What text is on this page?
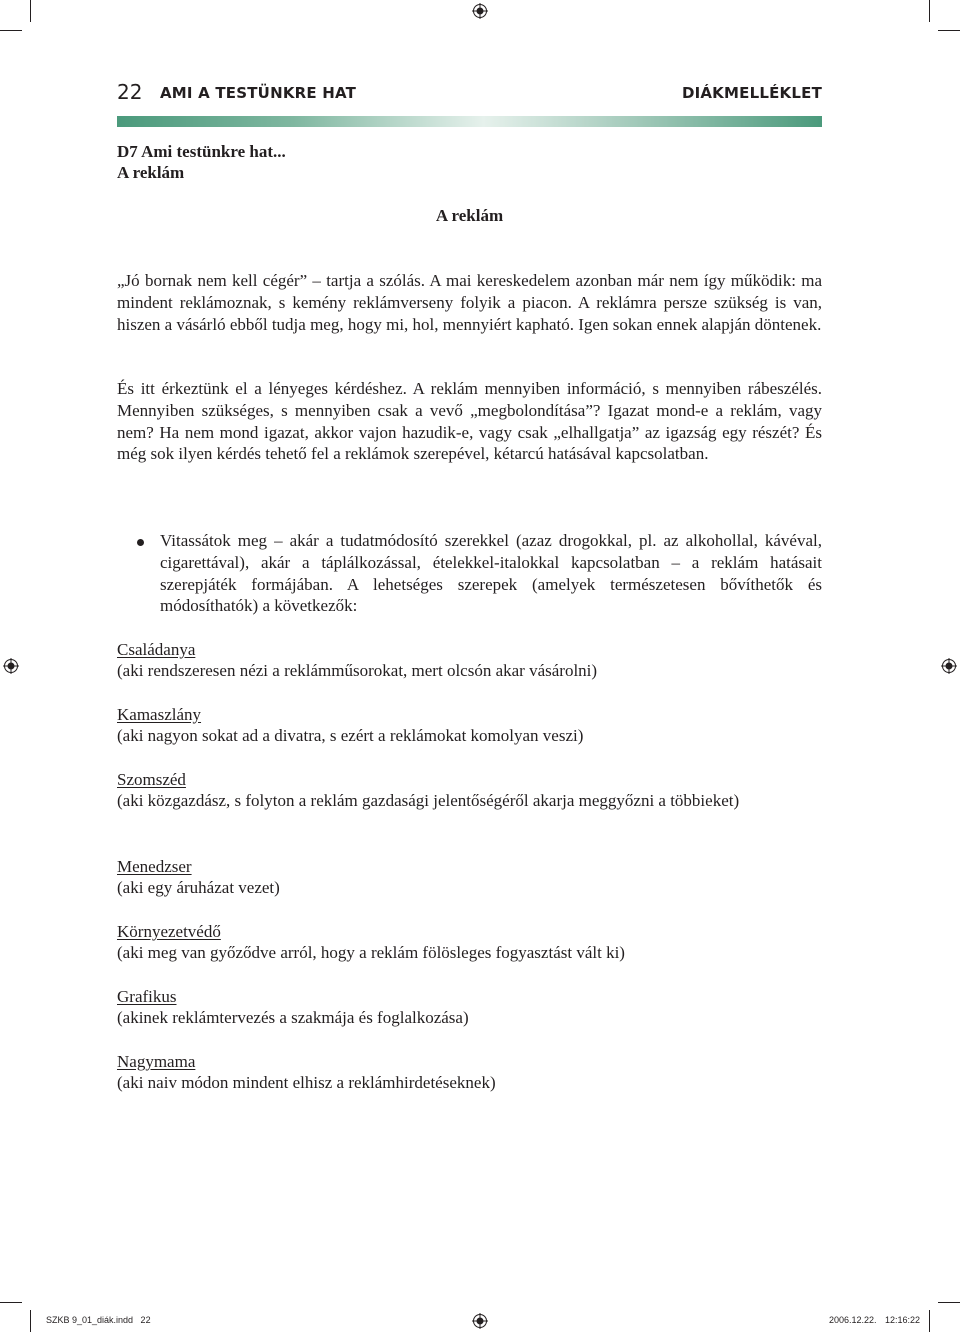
22 AMI A TESTÜNKRE HAT	DIÁKMELLÉKLET
D7 Ami testünkre hat...
A reklám
A reklám
„Jó bornak nem kell cégér” – tartja a szólás. A mai kereskedelem azonban már nem így működik: ma mindent reklámoznak, s kemény reklámverseny folyik a piacon. A reklámra persze szükség is van, hiszen a vásárló ebből tudja meg, hogy mi, hol, mennyiért kapható. Igen sokan ennek alapján döntenek.
És itt érkeztünk el a lényeges kérdéshez. A reklám mennyiben információ, s mennyiben rábeszélés. Mennyiben szükséges, s mennyiben csak a vevő „megbolondítása”? Igazat mond-e a reklám, vagy nem? Ha nem mond igazat, akkor vajon hazudik-e, vagy csak „elhallgatja” az igazság egy részét? És még sok ilyen kérdés tehető fel a reklámok szerepével, kétarcú hatásával kapcsolatban.
Vitassátok meg – akár a tudatmódosító szerekkel (azaz drogokkal, pl. az alkohollal, kávéval, cigarettával), akár a táplálkozással, ételekkel-italokkal kapcsolatban – a reklám hatásait szerepjáték formájában. A lehetséges szerepek (amelyek természetesen bővíthetők és módosíthatók) a következők:
Családanya
(aki rendszeresen nézi a reklámműsorokat, mert olcsón akar vásárolni)
Kamaszlány
(aki nagyon sokat ad a divatra, s ezért a reklámokat komolyan veszi)
Szomszéd
(aki közgazdász, s folyton a reklám gazdasági jelentőségéről akarja meggyőzni a többieket)
Menedzser
(aki egy áruházat vezet)
Környezetvédő
(aki meg van győződve arról, hogy a reklám fölösleges fogyasztást vált ki)
Grafikus
(akinek reklámtervezés a szakmája és foglalkozása)
Nagymama
(aki naiv módon mindent elhisz a reklámhirdetéseknek)
SZKB 9_01_diák.indd   22	2006.12.22. 12:16:22
